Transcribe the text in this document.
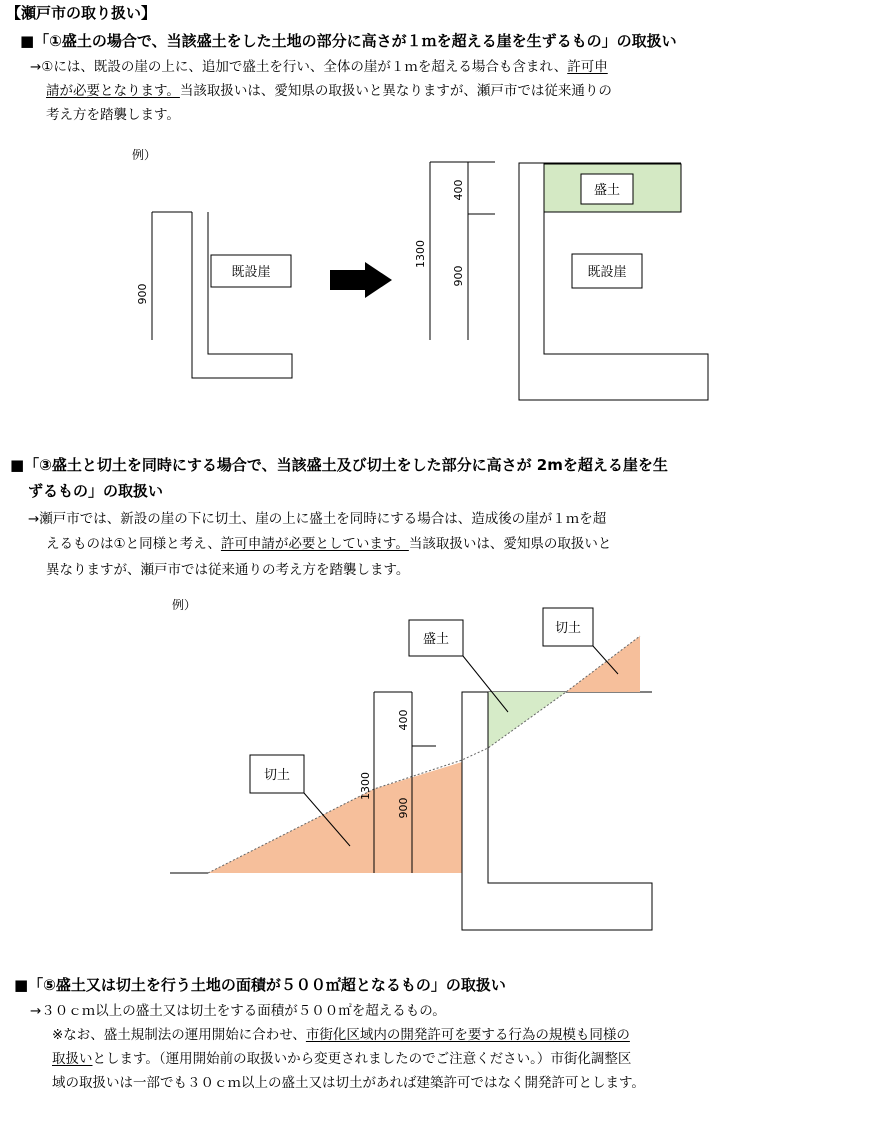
【瀬戸市の取り扱い】
■「①盛土の場合で、当該盛土をした土地の部分に高さが１ｍを超える崖を生ずるもの」の取扱い
→①には、既設の崖の上に、追加で盛土を行い、全体の崖が１ｍを超える場合も含まれ、許可申
請が必要となります。当該取扱いは、愛知県の取扱いと異なりますが、瀬戸市では従来通りの
考え方を踏襲します。
例）
既設崖
900
盛土
既設崖
1300
400
900
盛土
切土
切土	1300
400
900
■「③盛土と切土を同時にする場合で、当該盛土及び切土をした部分に高さが 2mを超える崖を生
ずるもの」の取扱い
→瀬戸市では、新設の崖の下に切土、崖の上に盛土を同時にする場合は、造成後の崖が１ｍを超
えるものは①と同様と考え、許可申請が必要としています。当該取扱いは、愛知県の取扱いと
異なりますが、瀬戸市では従来通りの考え方を踏襲します。
例）
■「⑤盛土又は切土を行う土地の面積が５００㎡超となるもの」の取扱い
→３０ｃｍ以上の盛土又は切土をする面積が５００㎡を超えるもの。
※なお、盛土規制法の運用開始に合わせ、市街化区域内の開発許可を要する行為の規模も同様の
取扱いとします。（運用開始前の取扱いから変更されましたのでご注意ください。）市街化調整区
域の取扱いは一部でも３０ｃｍ以上の盛土又は切土があれば建築許可ではなく開発許可とします。
